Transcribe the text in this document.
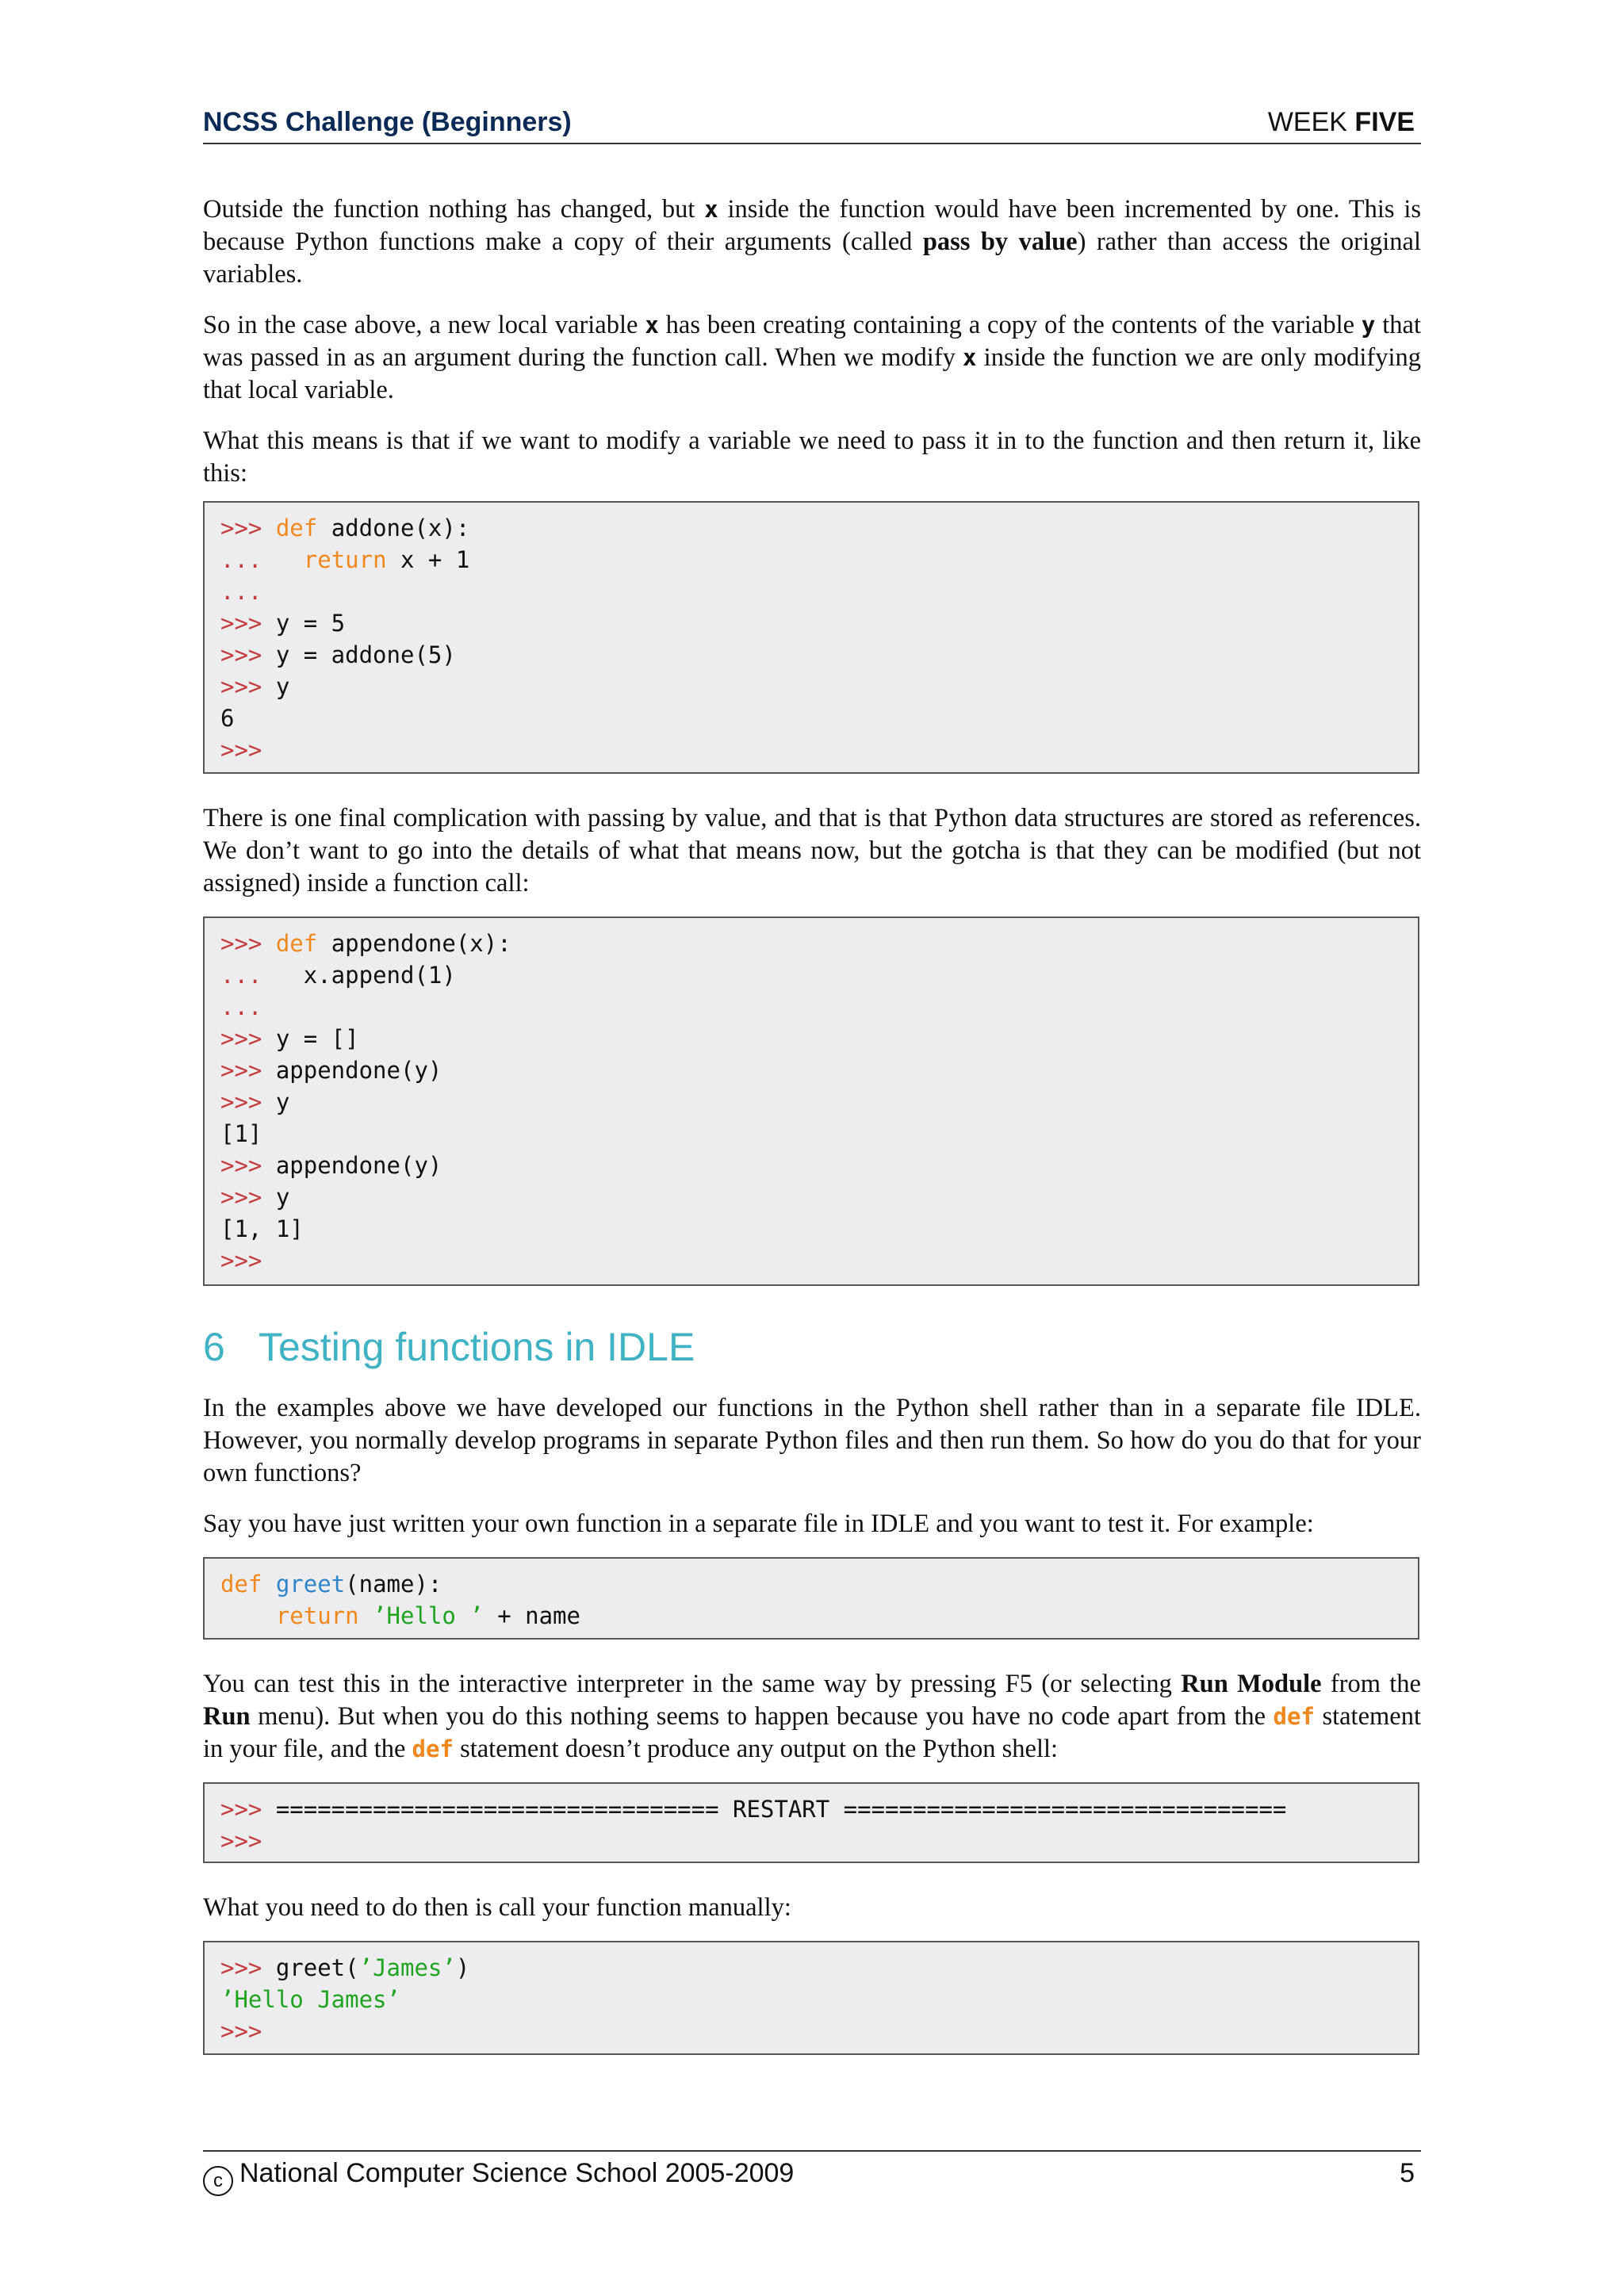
NCSS Challenge (Beginners)	WEEK FIVE
Outside the function nothing has changed, but x inside the function would have been incremented by one. This is because Python functions make a copy of their arguments (called pass by value) rather than access the original variables.
So in the case above, a new local variable x has been creating containing a copy of the contents of the variable y that was passed in as an argument during the function call. When we modify x inside the function we are only modifying that local variable.
What this means is that if we want to modify a variable we need to pass it in to the function and then return it, like this:
>>> def addone(x):
...   return x + 1
...
>>> y = 5
>>> y = addone(5)
>>> y
6
>>>
There is one final complication with passing by value, and that is that Python data structures are stored as references. We don’t want to go into the details of what that means now, but the gotcha is that they can be modified (but not assigned) inside a function call:
>>> def appendone(x):
...   x.append(1)
...
>>> y = []
>>> appendone(y)
>>> y
[1]
>>> appendone(y)
>>> y
[1, 1]
>>>
6 Testing functions in IDLE
In the examples above we have developed our functions in the Python shell rather than in a separate file IDLE. However, you normally develop programs in separate Python files and then run them. So how do you do that for your own functions?
Say you have just written your own function in a separate file in IDLE and you want to test it. For example:
def greet(name):
return ’Hello ’ + name
You can test this in the interactive interpreter in the same way by pressing F5 (or selecting Run Module from the Run menu). But when you do this nothing seems to happen because you have no code apart from the def statement in your file, and the def statement doesn’t produce any output on the Python shell:
>>> ================================ RESTART ================================
>>>
What you need to do then is call your function manually:
>>> greet(’James’)
’Hello James’
>>>
c National Computer Science School 2005-2009	5
